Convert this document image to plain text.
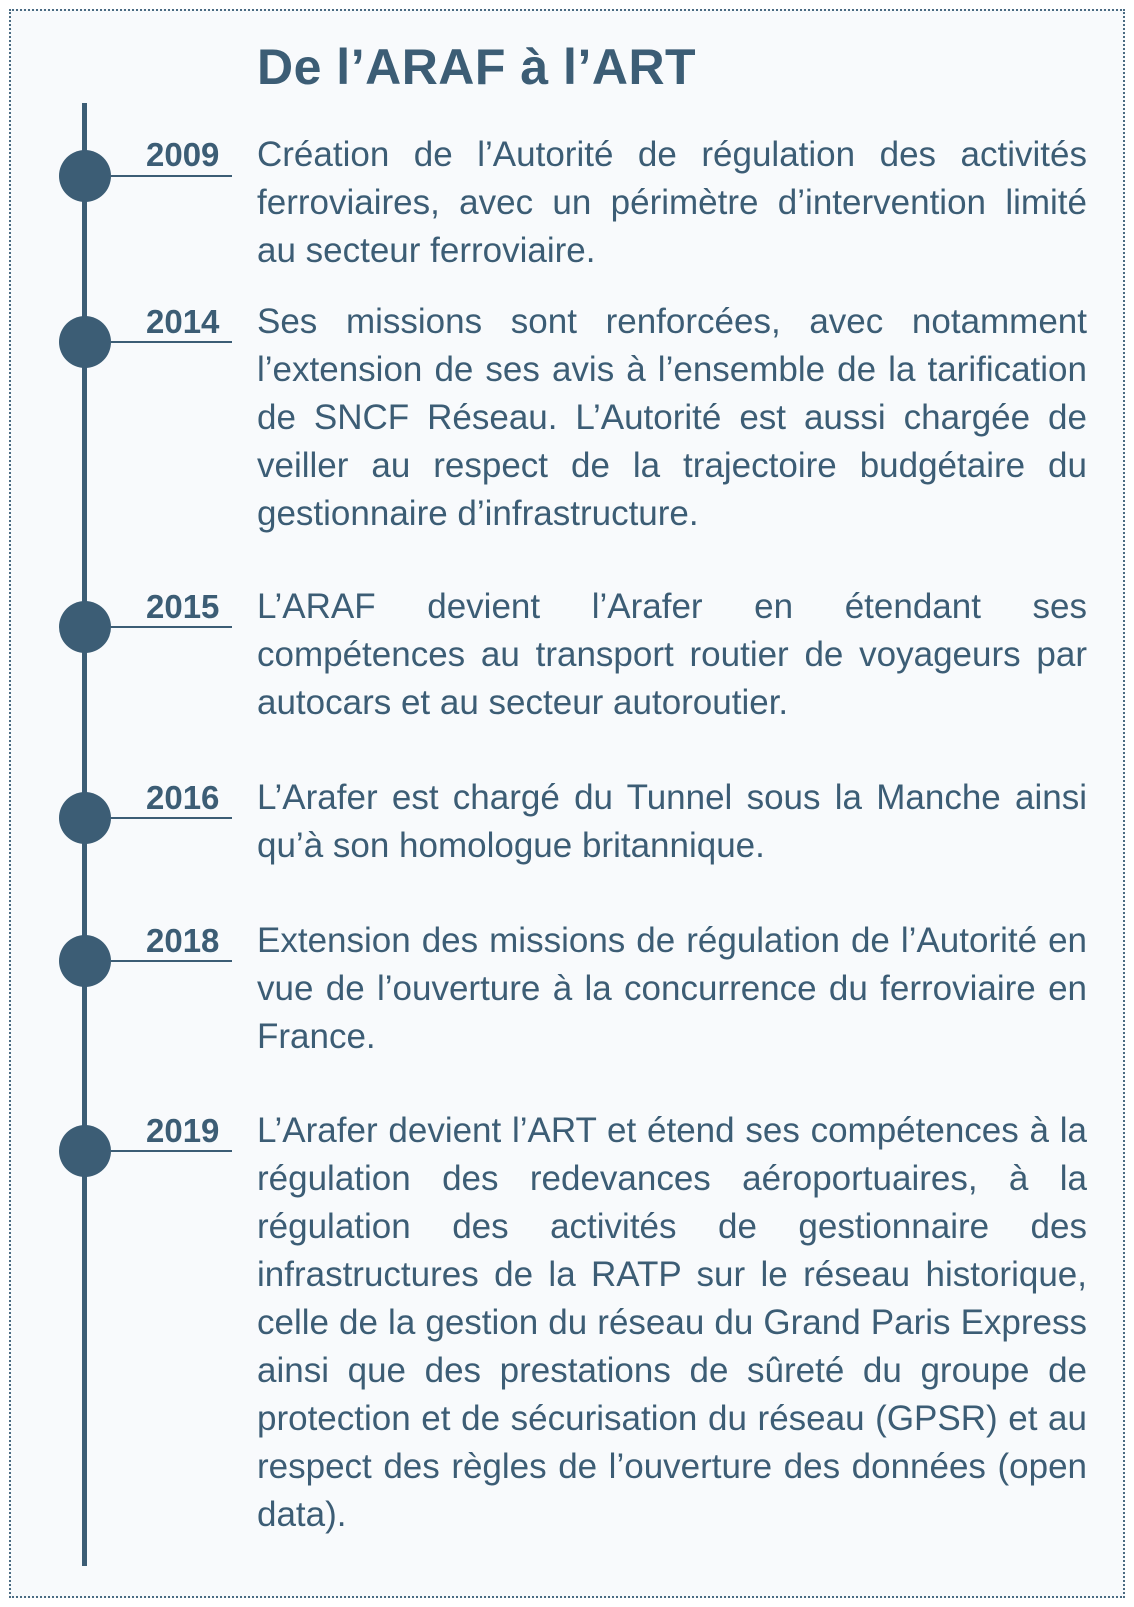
De l’ARAF à l’ART
2009	Création de l’Autorité de régulation des activités ferroviaires, avec un périmètre d’intervention limité au secteur ferroviaire.

2014	Ses missions sont renforcées, avec notamment l’extension de ses avis à l’ensemble de la tarification de SNCF Réseau. L’Autorité est aussi chargée de veiller au respect de la trajectoire budgétaire du gestionnaire d’infrastructure.

2015	L’ARAF devient l’Arafer en étendant ses compétences au transport routier de voyageurs par autocars et au secteur autoroutier.

2016	L’Arafer est chargé du Tunnel sous la Manche ainsi qu’à son homologue britannique.

2018	Extension des missions de régulation de l’Autorité en vue de l’ouverture à la concurrence du ferroviaire en France.

2019	L’Arafer devient l’ART et étend ses compétences à la régulation des redevances aéroportuaires, à la régulation des activités de gestionnaire des infrastructures de la RATP sur le réseau historique, celle de la gestion du réseau du Grand Paris Express ainsi que des prestations de sûreté du groupe de protection et de sécurisation du réseau (GPSR) et au respect des règles de l’ouverture des données (open data).
